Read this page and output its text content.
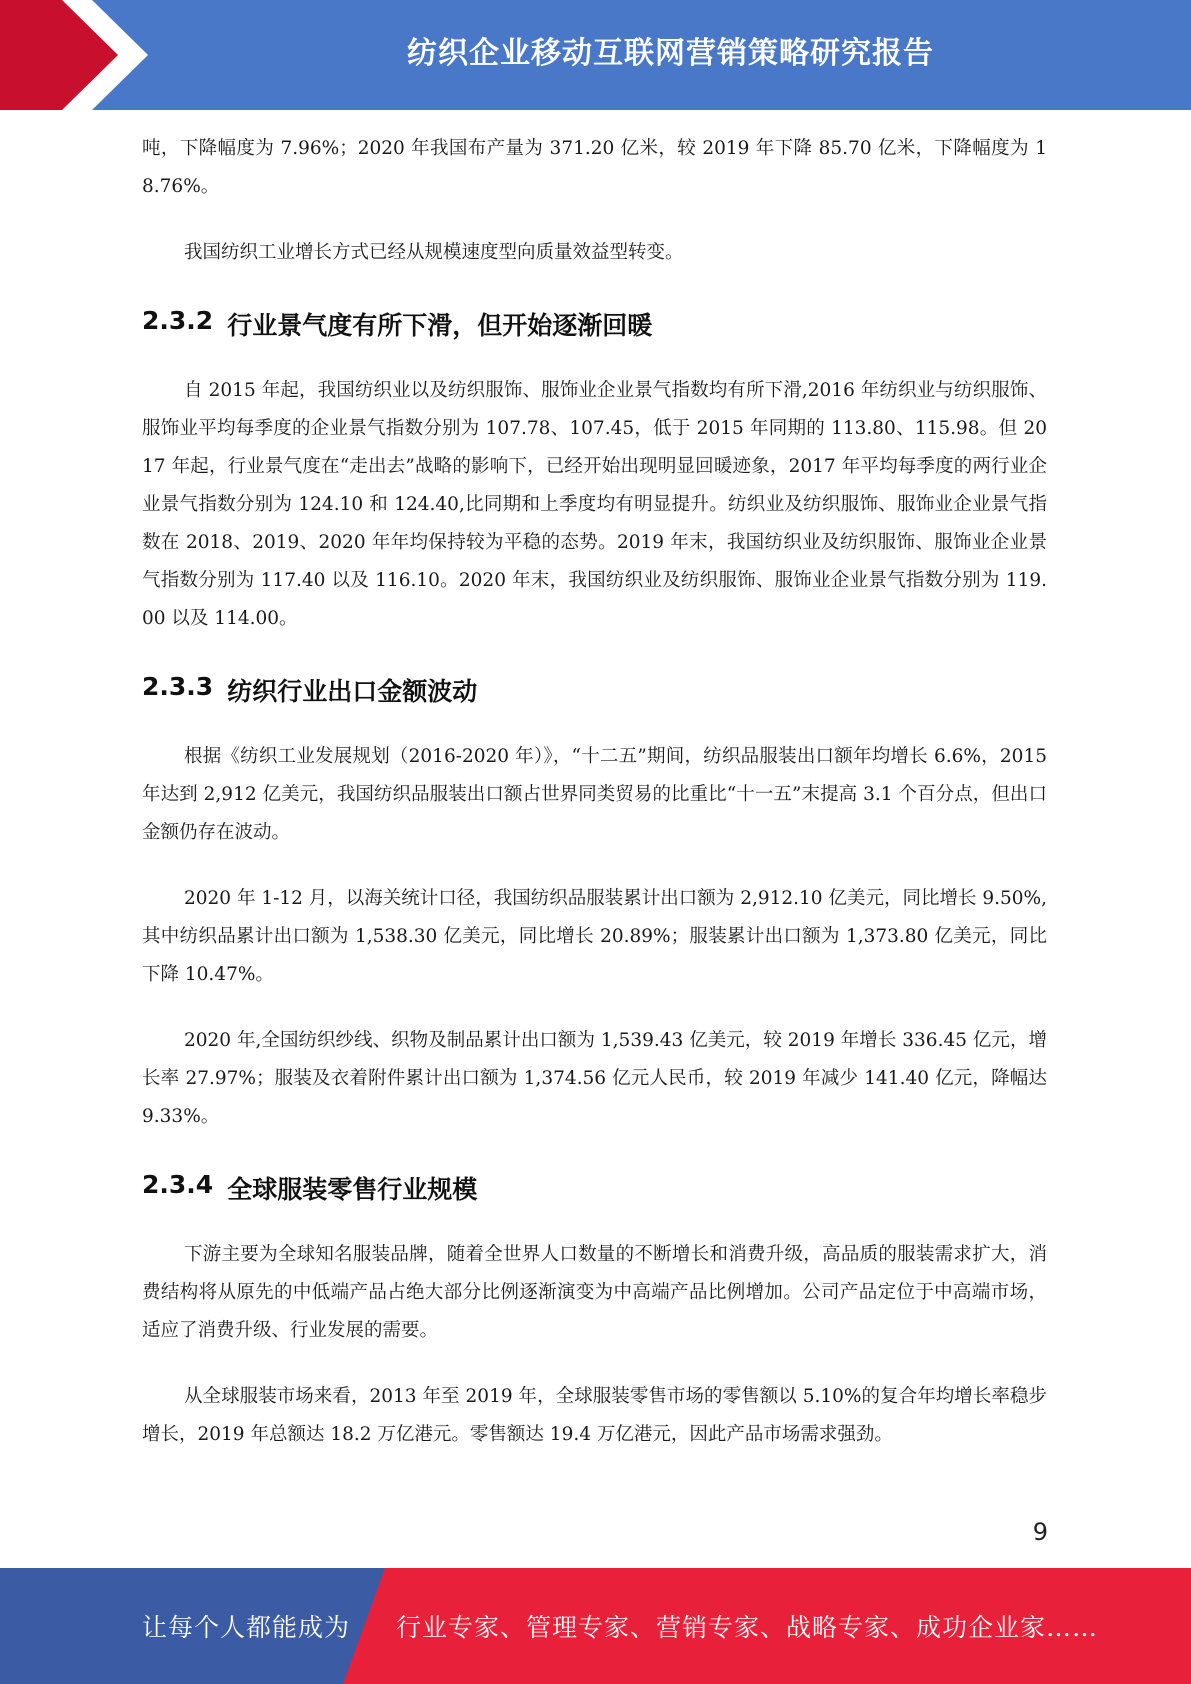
纺织企业移动互联网营销策略研究报告

吨，下降幅度为 7.96%；2020 年我国布产量为 371.20 亿米，较 2019 年下降 85.70 亿米，下降幅度为 18.76%。

我国纺织工业增长方式已经从规模速度型向质量效益型转变。

2.3.2 行业景气度有所下滑，但开始逐渐回暖

自 2015 年起，我国纺织业以及纺织服饰、服饰业企业景气指数均有所下滑,2016 年纺织业与纺织服饰、服饰业平均每季度的企业景气指数分别为 107.78、107.45，低于 2015 年同期的 113.80、115.98。但 2017 年起，行业景气度在“走出去”战略的影响下，已经开始出现明显回暖迹象，2017 年平均每季度的两行业企业景气指数分别为 124.10 和 124.40,比同期和上季度均有明显提升。纺织业及纺织服饰、服饰业企业景气指数在 2018、2019、2020 年年均保持较为平稳的态势。2019 年末，我国纺织业及纺织服饰、服饰业企业景气指数分别为 117.40 以及 116.10。2020 年末，我国纺织业及纺织服饰、服饰业企业景气指数分别为 119.00 以及 114.00。

2.3.3 纺织行业出口金额波动

根据《纺织工业发展规划（2016-2020 年）》，“十二五”期间，纺织品服装出口额年均增长 6.6%，2015 年达到 2,912 亿美元，我国纺织品服装出口额占世界同类贸易的比重比“十一五”末提高 3.1 个百分点，但出口金额仍存在波动。

2020 年 1-12 月，以海关统计口径，我国纺织品服装累计出口额为 2,912.10 亿美元，同比增长 9.50%,其中纺织品累计出口额为 1,538.30 亿美元，同比增长 20.89%；服装累计出口额为 1,373.80 亿美元，同比下降 10.47%。

2020 年,全国纺织纱线、织物及制品累计出口额为 1,539.43 亿美元，较 2019 年增长 336.45 亿元，增长率 27.97%；服装及衣着附件累计出口额为 1,374.56 亿元人民币，较 2019 年减少 141.40 亿元，降幅达 9.33%。

2.3.4 全球服装零售行业规模

下游主要为全球知名服装品牌，随着全世界人口数量的不断增长和消费升级，高品质的服装需求扩大，消费结构将从原先的中低端产品占绝大部分比例逐渐演变为中高端产品比例增加。公司产品定位于中高端市场，适应了消费升级、行业发展的需要。

从全球服装市场来看，2013 年至 2019 年，全球服装零售市场的零售额以 5.10%的复合年均增长率稳步增长，2019 年总额达 18.2 万亿港元。零售额达 19.4 万亿港元，因此产品市场需求强劲。

9
让每个人都能成为 行业专家、管理专家、营销专家、战略专家、成功企业家……
